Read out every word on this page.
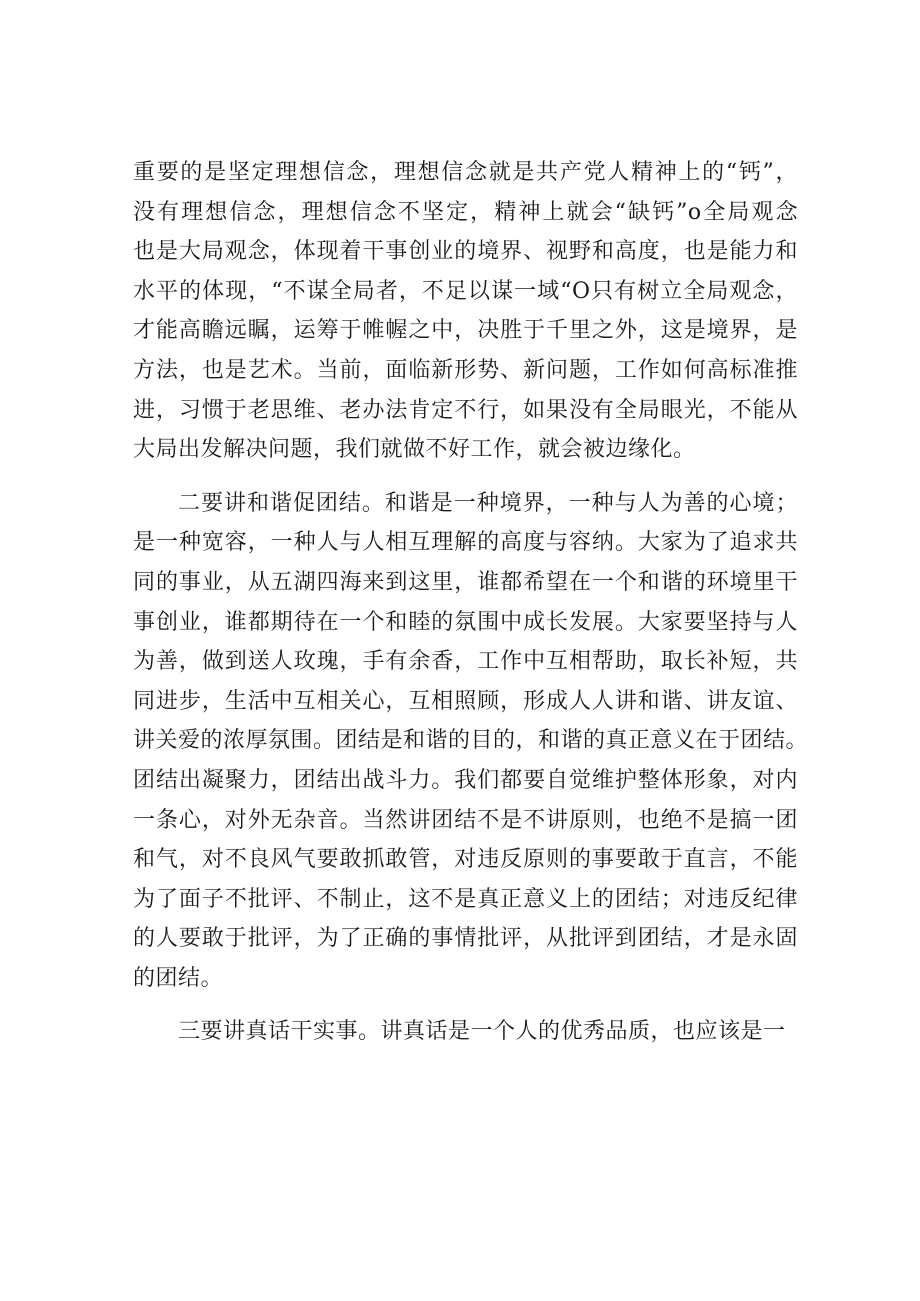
重要的是坚定理想信念，理想信念就是共产党人精神上的“钙”，
没有理想信念，理想信念不坚定，精神上就会“缺钙”o全局观念
也是大局观念，体现着干事创业的境界、视野和高度，也是能力和
水平的体现，“不谋全局者，不足以谋一域“O只有树立全局观念，
才能高瞻远瞩，运筹于帷幄之中，决胜于千里之外，这是境界，是
方法，也是艺术。当前，面临新形势、新问题，工作如何高标准推
进，习惯于老思维、老办法肯定不行，如果没有全局眼光，不能从
大局出发解决问题，我们就做不好工作，就会被边缘化。
二要讲和谐促团结。和谐是一种境界，一种与人为善的心境；
是一种宽容，一种人与人相互理解的高度与容纳。大家为了追求共
同的事业，从五湖四海来到这里，谁都希望在一个和谐的环境里干
事创业，谁都期待在一个和睦的氛围中成长发展。大家要坚持与人
为善，做到送人玫瑰，手有余香，工作中互相帮助，取长补短，共
同进步，生活中互相关心，互相照顾，形成人人讲和谐、讲友谊、
讲关爱的浓厚氛围。团结是和谐的目的，和谐的真正意义在于团结。
团结出凝聚力，团结出战斗力。我们都要自觉维护整体形象，对内
一条心，对外无杂音。当然讲团结不是不讲原则，也绝不是搞一团
和气，对不良风气要敢抓敢管，对违反原则的事要敢于直言，不能
为了面子不批评、不制止，这不是真正意义上的团结；对违反纪律
的人要敢于批评，为了正确的事情批评，从批评到团结，才是永固
的团结。
三要讲真话干实事。讲真话是一个人的优秀品质，也应该是一
